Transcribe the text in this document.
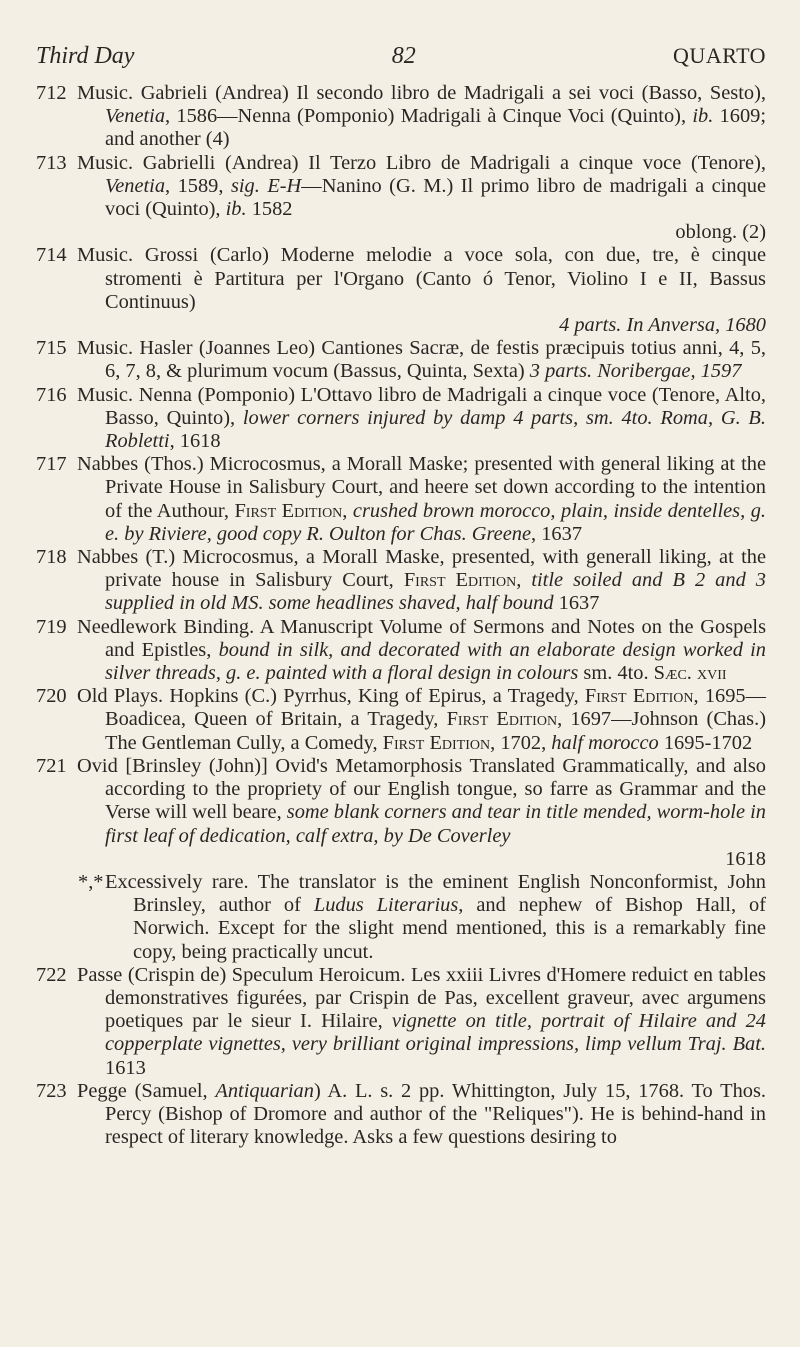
Third Day	82	QUARTO
712 Music. Gabrieli (Andrea) Il secondo libro de Madrigali a sei voci (Basso, Sesto), Venetia, 1586—Nenna (Pomponio) Madrigali à Cinque Voci (Quinto), ib. 1609; and another (4)
713 Music. Gabrielli (Andrea) Il Terzo Libro de Madrigali a cinque voce (Tenore), Venetia, 1589, sig. E-H—Nanino (G. M.) Il primo libro de madrigali a cinque voci (Quinto), ib. 1582
oblong. (2)
714 Music. Grossi (Carlo) Moderne melodie a voce sola, con due, tre, è cinque stromenti è Partitura per l'Organo (Canto ó Tenor, Violino I e II, Bassus Continuus)
4 parts. In Anversa, 1680
715 Music. Hasler (Joannes Leo) Cantiones Sacræ, de festis præcipuis totius anni, 4, 5, 6, 7, 8, & plurimum vocum (Bassus, Quinta, Sexta) 3 parts. Noribergae, 1597
716 Music. Nenna (Pomponio) L'Ottavo libro de Madrigali a cinque voce (Tenore, Alto, Basso, Quinto), lower corners injured by damp 4 parts, sm. 4to. Roma, G. B. Robletti, 1618
717 Nabbes (Thos.) Microcosmus, a Morall Maske; presented with general liking at the Private House in Salisbury Court, and heere set down according to the intention of the Authour, First Edition, crushed brown morocco, plain, inside dentelles, g. e. by Riviere, good copy R. Oulton for Chas. Greene, 1637
718 Nabbes (T.) Microcosmus, a Morall Maske, presented, with generall liking, at the private house in Salisbury Court, First Edition, title soiled and B 2 and 3 supplied in old MS. some headlines shaved, half bound 1637
719 Needlework Binding. A Manuscript Volume of Sermons and Notes on the Gospels and Epistles, bound in silk, and decorated with an elaborate design worked in silver threads, g. e. painted with a floral design in colours sm. 4to. Sæc. xvii
720 Old Plays. Hopkins (C.) Pyrrhus, King of Epirus, a Tragedy, First Edition, 1695—Boadicea, Queen of Britain, a Tragedy, First Edition, 1697—Johnson (Chas.) The Gentleman Cully, a Comedy, First Edition, 1702, half morocco 1695-1702
721 Ovid [Brinsley (John)] Ovid's Metamorphosis Translated Grammatically, and also according to the propriety of our English tongue, so farre as Grammar and the Verse will well beare, some blank corners and tear in title mended, worm-hole in first leaf of dedication, calf extra, by De Coverley
1618
*,* Excessively rare. The translator is the eminent English Nonconformist, John Brinsley, author of Ludus Literarius, and nephew of Bishop Hall, of Norwich. Except for the slight mend mentioned, this is a remarkably fine copy, being practically uncut.
722 Passe (Crispin de) Speculum Heroicum. Les xxiii Livres d'Homere reduict en tables demonstratives figurées, par Crispin de Pas, excellent graveur, avec argumens poetiques par le sieur I. Hilaire, vignette on title, portrait of Hilaire and 24 copperplate vignettes, very brilliant original impressions, limp vellum Traj. Bat. 1613
723 Pegge (Samuel, Antiquarian) A. L. s. 2 pp. Whittington, July 15, 1768. To Thos. Percy (Bishop of Dromore and author of the "Reliques"). He is behind-hand in respect of literary knowledge. Asks a few questions desiring to
